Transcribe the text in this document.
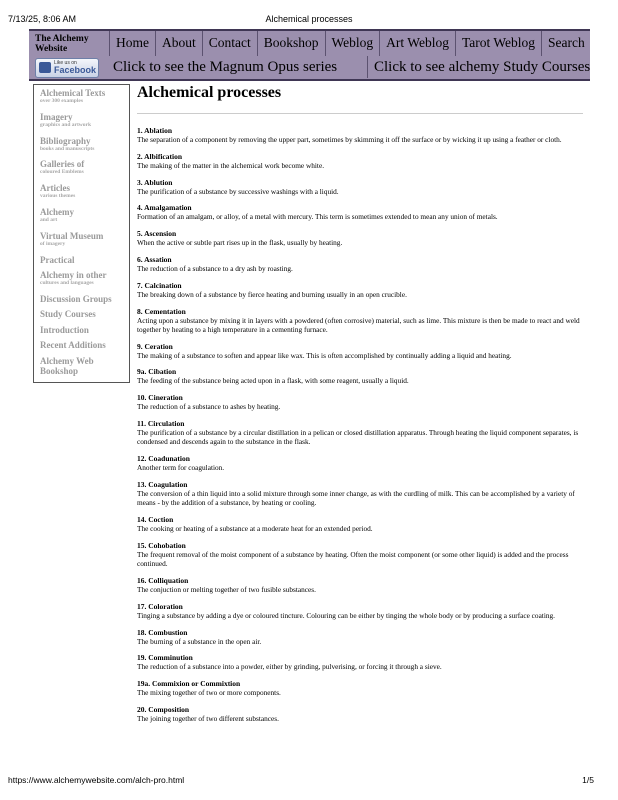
7/13/25, 8:06 AM	Alchemical processes
The Alchemy Website	Home About Contact Bookshop Weblog Art Weblog Tarot Weblog Search
Like us on
Facebook Click to see the Magnum Opus series	Click to see alchemy Study Courses
Alchemical Texts
over 300 examples
Imagery
graphics and artwork
Bibliography
books and manuscripts
Galleries of
coloured Emblems
Articles
various themes
Alchemy
and art
Virtual Museum
of imagery
Practical
Alchemy in other
cultures and languages
Discussion Groups
Study Courses
Introduction
Recent Additions
Alchemy Web Bookshop
Alchemical processes
1. Ablation
The separation of a component by removing the upper part, sometimes by skimming it off the surface or by wicking it up using a feather or cloth.
2. Albification
The making of the matter in the alchemical work become white.
3. Ablution
The purification of a substance by successive washings with a liquid.
4. Amalgamation
Formation of an amalgam, or alloy, of a metal with mercury. This term is sometimes extended to mean any union of metals.
5. Ascension
When the active or subtle part rises up in the flask, usually by heating.
6. Assation
The reduction of a substance to a dry ash by roasting.
7. Calcination
The breaking down of a substance by fierce heating and burning usually in an open crucible.
8. Cementation
Acting upon a substance by mixing it in layers with a powdered (often corrosive) material, such as lime. This mixture is then be made to react and weld together by heating to a high temperature in a cementing furnace.
9. Ceration
The making of a substance to soften and appear like wax. This is often accomplished by continually adding a liquid and heating.
9a. Cibation
The feeding of the substance being acted upon in a flask, with some reagent, usually a liquid.
10. Cineration
The reduction of a substance to ashes by heating.
11. Circulation
The purification of a substance by a circular distillation in a pelican or closed distillation apparatus. Through heating the liquid component separates, is condensed and descends again to the substance in the flask.
12. Coadunation
Another term for coagulation.
13. Coagulation
The conversion of a thin liquid into a solid mixture through some inner change, as with the curdling of milk. This can be accomplished by a variety of means - by the addition of a substance, by heating or cooling.
14. Coction
The cooking or heating of a substance at a moderate heat for an extended period.
15. Cohobation
The frequent removal of the moist component of a substance by heating. Often the moist component (or some other liquid) is added and the process continued.
16. Colliquation
The conjuction or melting together of two fusible substances.
17. Coloration
Tinging a substance by adding a dye or coloured tincture. Colouring can be either by tinging the whole body or by producing a surface coating.
18. Combustion
The burning of a substance in the open air.
19. Comminution
The reduction of a substance into a powder, either by grinding, pulverising, or forcing it through a sieve.
19a. Commixion or Commixtion
The mixing together of two or more components.
20. Composition
The joining together of two different substances.
https://www.alchemywebsite.com/alch-pro.html	1/5
